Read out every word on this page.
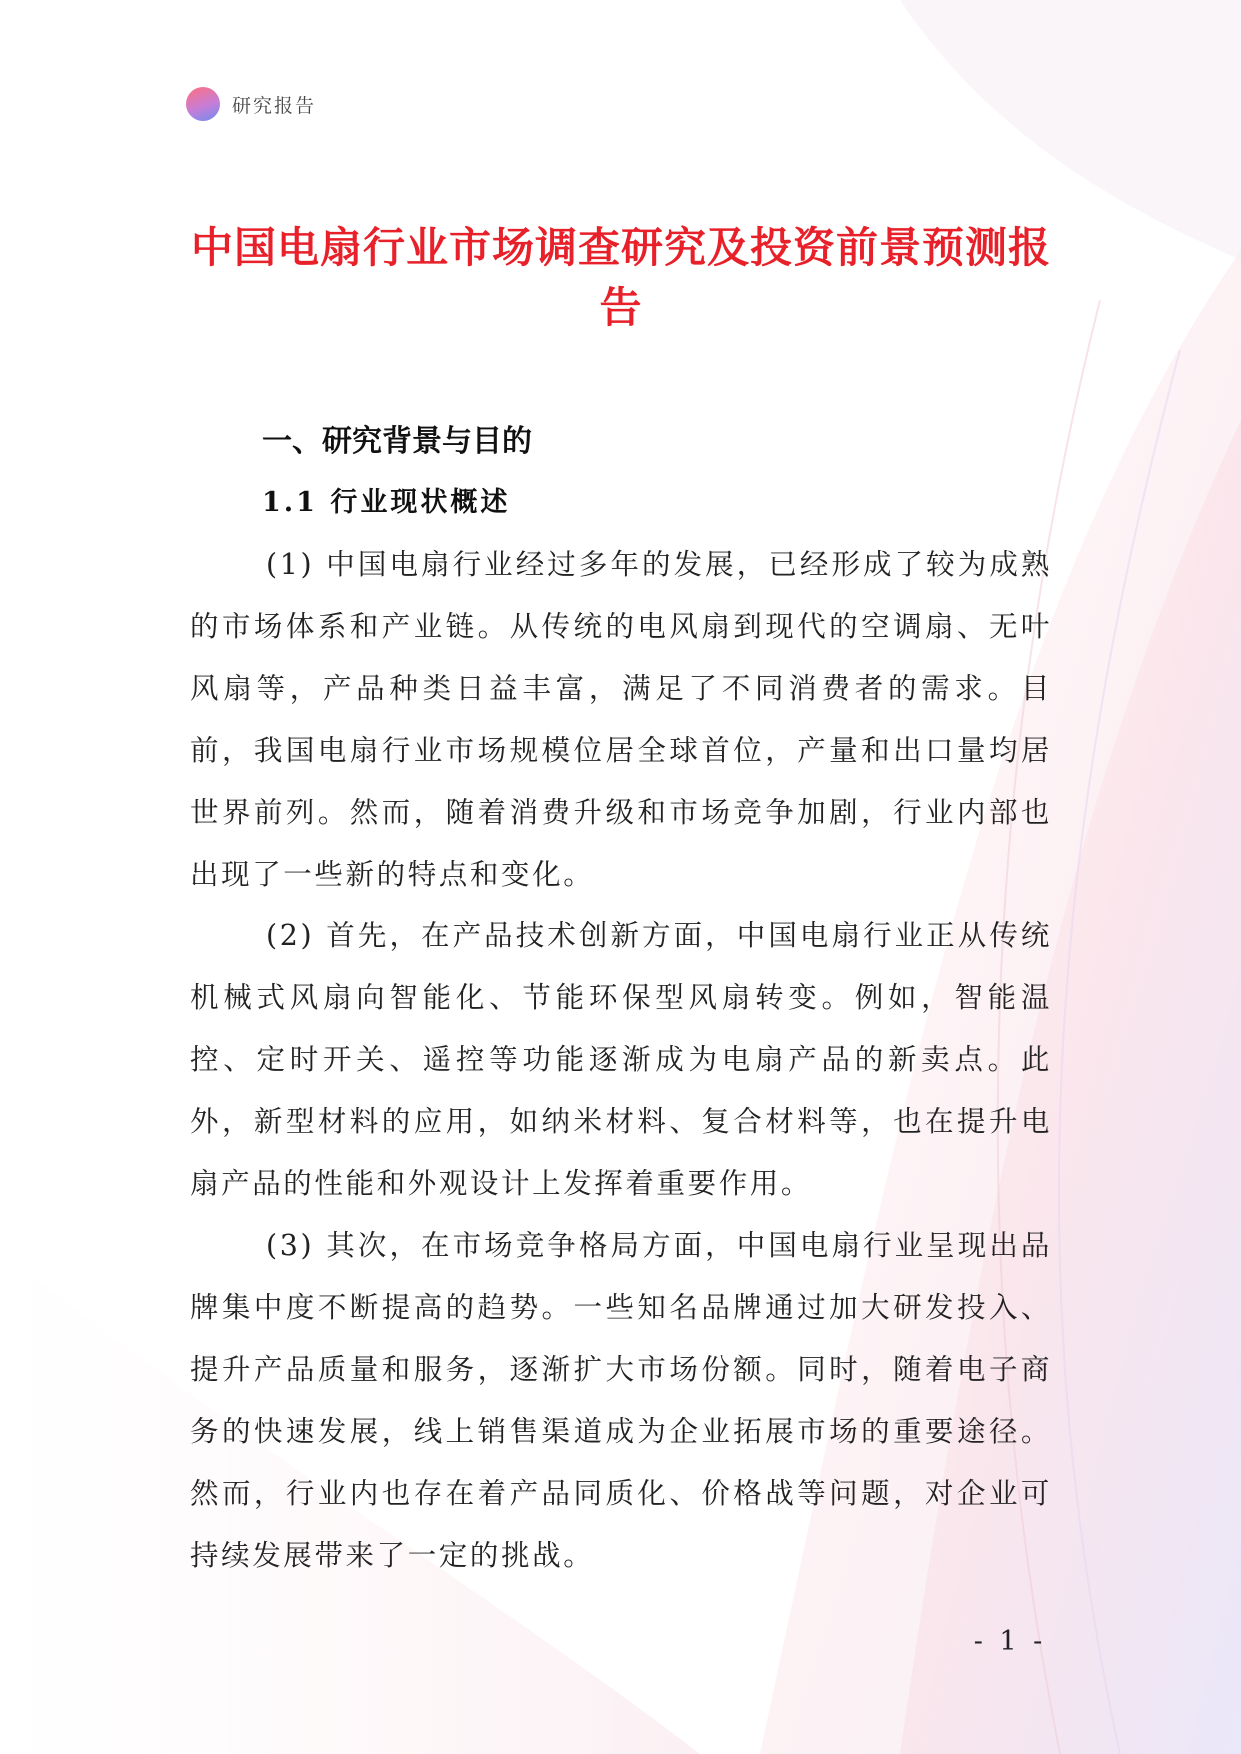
研究报告
中国电扇行业市场调查研究及投资前景预测报告
一、研究背景与目的
1.1 行业现状概述

(1) 中国电扇行业经过多年的发展，已经形成了较为成熟的市场体系和产业链。从传统的电风扇到现代的空调扇、无叶风扇等，产品种类日益丰富，满足了不同消费者的需求。目前，我国电扇行业市场规模位居全球首位，产量和出口量均居世界前列。然而，随着消费升级和市场竞争加剧，行业内部也出现了一些新的特点和变化。

(2) 首先，在产品技术创新方面，中国电扇行业正从传统机械式风扇向智能化、节能环保型风扇转变。例如，智能温控、定时开关、遥控等功能逐渐成为电扇产品的新卖点。此外，新型材料的应用，如纳米材料、复合材料等，也在提升电扇产品的性能和外观设计上发挥着重要作用。

(3) 其次，在市场竞争格局方面，中国电扇行业呈现出品牌集中度不断提高的趋势。一些知名品牌通过加大研发投入、提升产品质量和服务，逐渐扩大市场份额。同时，随着电子商务的快速发展，线上销售渠道成为企业拓展市场的重要途径。然而，行业内也存在着产品同质化、价格战等问题，对企业可持续发展带来了一定的挑战。

- 1 -
